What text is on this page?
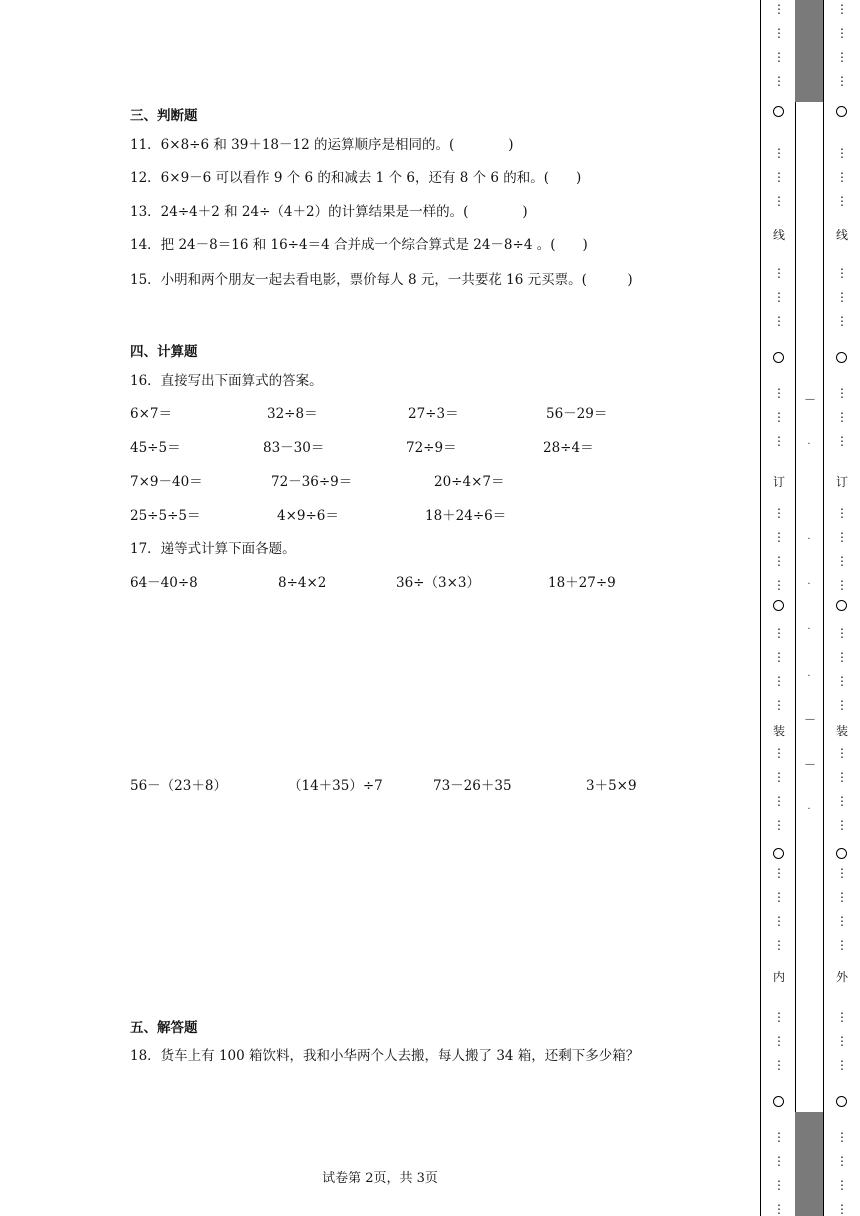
三、判断题
11．6×8÷6 和 39＋18－12 的运算顺序是相同的。(　　　　)
12．6×9－6 可以看作 9 个 6 的和减去 1 个 6，还有 8 个 6 的和。(　　)
13．24÷4＋2 和 24÷（4＋2）的计算结果是一样的。(　　　　)
14．把 24－8＝16 和 16÷4＝4 合并成一个综合算式是 24－8÷4 。(　　)
15．小明和两个朋友一起去看电影，票价每人 8 元，一共要花 16 元买票。(　　　)
四、计算题
16．直接写出下面算式的答案。
6×7＝	32÷8＝	27÷3＝	56－29＝
45÷5＝	83－30＝	72÷9＝	28÷4＝
7×9－40＝	72－36÷9＝	20÷4×7＝
25÷5÷5＝	4×9÷6＝	18＋24÷6＝
17．递等式计算下面各题。
64－40÷8	8÷4×2	36÷（3×3）	18＋27÷9
56－（23＋8）	（14＋35）÷7	73－26＋35	3＋5×9
五、解答题
18．货车上有 100 箱饮料，我和小华两个人去搬，每人搬了 34 箱，还剩下多少箱？
试卷第 2页，共 3页
⋮
⋮
⋮
⋮
⋮
⋮
⋮
⋮
⋮
⋮
⋮
⋮
⋮
⋮
⋮
⋮
⋮
⋮
⋮
⋮
⋮
⋮
⋮
⋮
⋮
⋮
⋮
⋮
⋮
⋮
⋮
⋮
⋮
⋮
⋮
⋮
⋮
⋮
⋮
⋮
⋮
⋮
⋮
⋮
⋮
⋮
⋮
⋮
⋮
⋮
⋮
⋮
⋮
⋮
⋮
⋮
⋮
⋮
⋮
⋮
⋮
⋮
⋮
⋮
⋮
⋮
⋮
⋮
⋮
⋮
⋮
⋮
线
订
装
内
线
订
装
外
—
·
·
·
·
·
—
—
·
